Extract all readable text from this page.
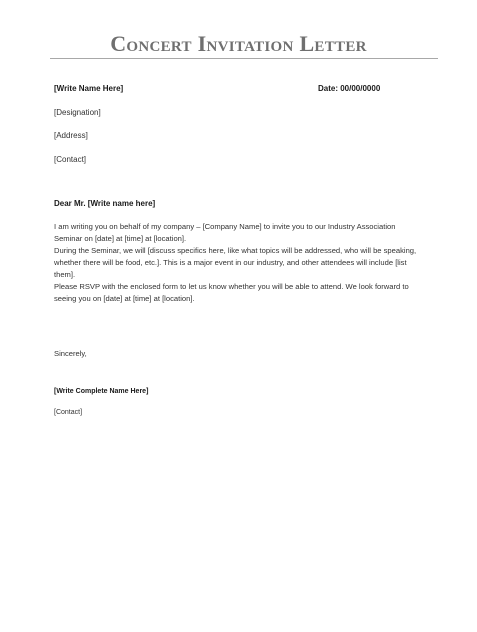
Concert Invitation Letter
[Write Name Here]	Date: 00/00/0000
[Designation]
[Address]
[Contact]
Dear Mr. [Write name here]

I am writing you on behalf of my company – [Company Name] to invite you to our Industry Association Seminar on [date] at [time] at [location].

During the Seminar, we will [discuss specifics here, like what topics will be addressed, who will be speaking, whether there will be food, etc.]. This is a major event in our industry, and other attendees will include [list them].

Please RSVP with the enclosed form to let us know whether you will be able to attend. We look forward to seeing you on [date] at [time] at [location].

Sincerely,
[Write Complete Name Here]
[Contact]
